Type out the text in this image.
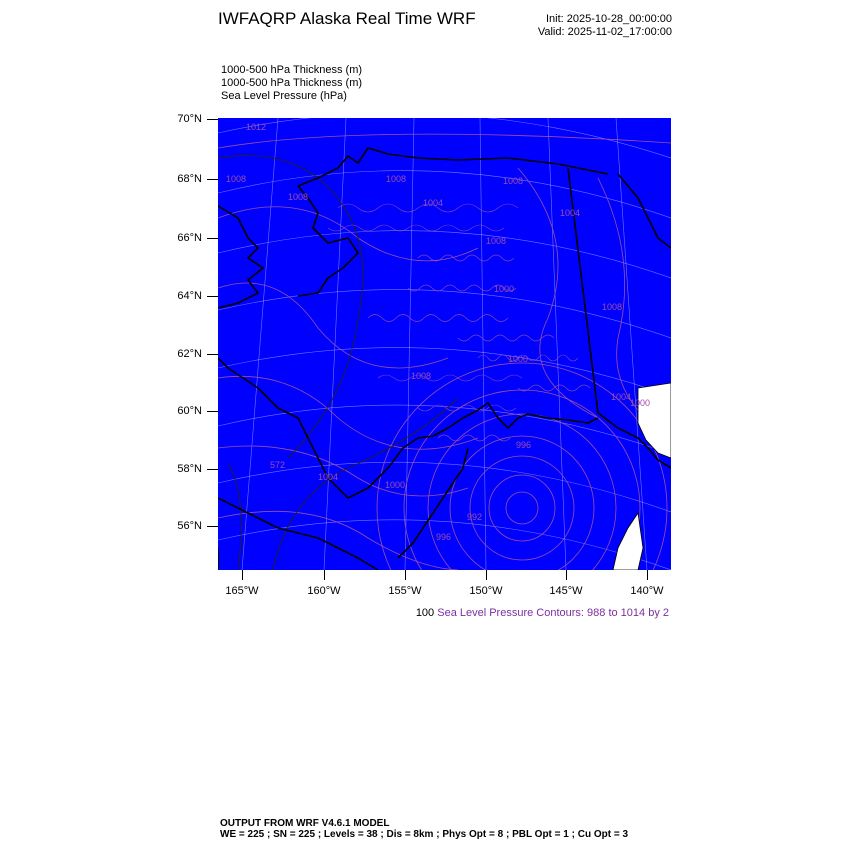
IWFAQRP Alaska Real Time WRF	Init: 2025-10-28_00:00:00
Valid: 2025-11-02_17:00:00
1000-500 hPa Thickness (m)
1000-500 hPa Thickness (m)
Sea Level Pressure (hPa)
70°N
68°N
66°N
64°N
62°N
60°N
58°N
56°N
165°W	160°W	155°W	150°W	145°W	140°W
1012
1008
1008
1008
1004
1008
1004
1008
1000
1008
1000
996
572
1004
1000
992
996
1008
1004
1000
100 Sea Level Pressure Contours: 988 to 1014 by 2
OUTPUT FROM WRF V4.6.1 MODEL
WE = 225 ; SN = 225 ; Levels = 38 ; Dis = 8km ; Phys Opt = 8 ; PBL Opt = 1 ; Cu Opt = 3
